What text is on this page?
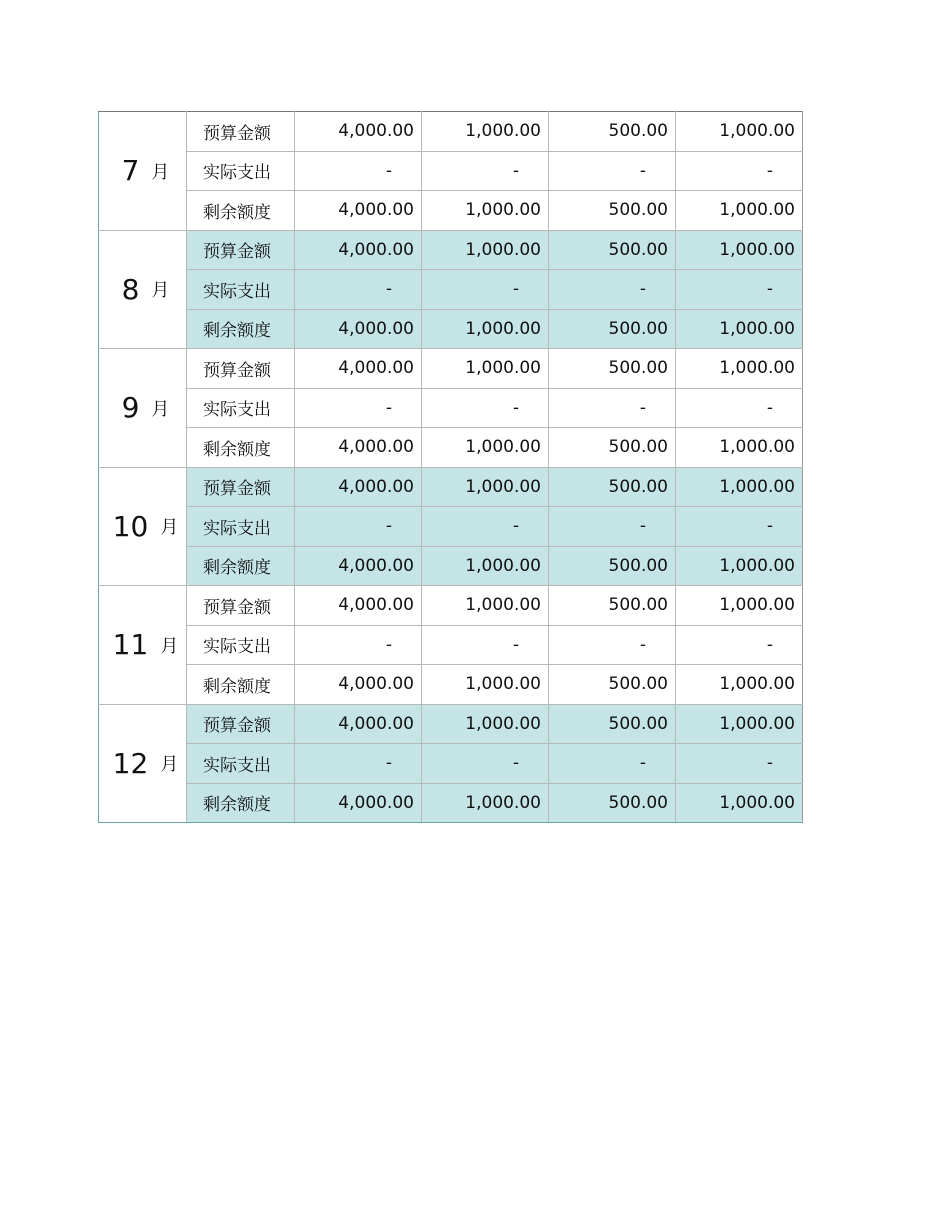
7 月	预算金额	4,000.00	1,000.00	500.00	1,000.00
	实际支出	-	-	-	-
	剩余额度	4,000.00	1,000.00	500.00	1,000.00
8 月	预算金额	4,000.00	1,000.00	500.00	1,000.00
	实际支出	-	-	-	-
	剩余额度	4,000.00	1,000.00	500.00	1,000.00
9 月	预算金额	4,000.00	1,000.00	500.00	1,000.00
	实际支出	-	-	-	-
	剩余额度	4,000.00	1,000.00	500.00	1,000.00
10 月	预算金额	4,000.00	1,000.00	500.00	1,000.00
	实际支出	-	-	-	-
	剩余额度	4,000.00	1,000.00	500.00	1,000.00
11 月	预算金额	4,000.00	1,000.00	500.00	1,000.00
	实际支出	-	-	-	-
	剩余额度	4,000.00	1,000.00	500.00	1,000.00
12 月	预算金额	4,000.00	1,000.00	500.00	1,000.00
	实际支出	-	-	-	-
	剩余额度	4,000.00	1,000.00	500.00	1,000.00
